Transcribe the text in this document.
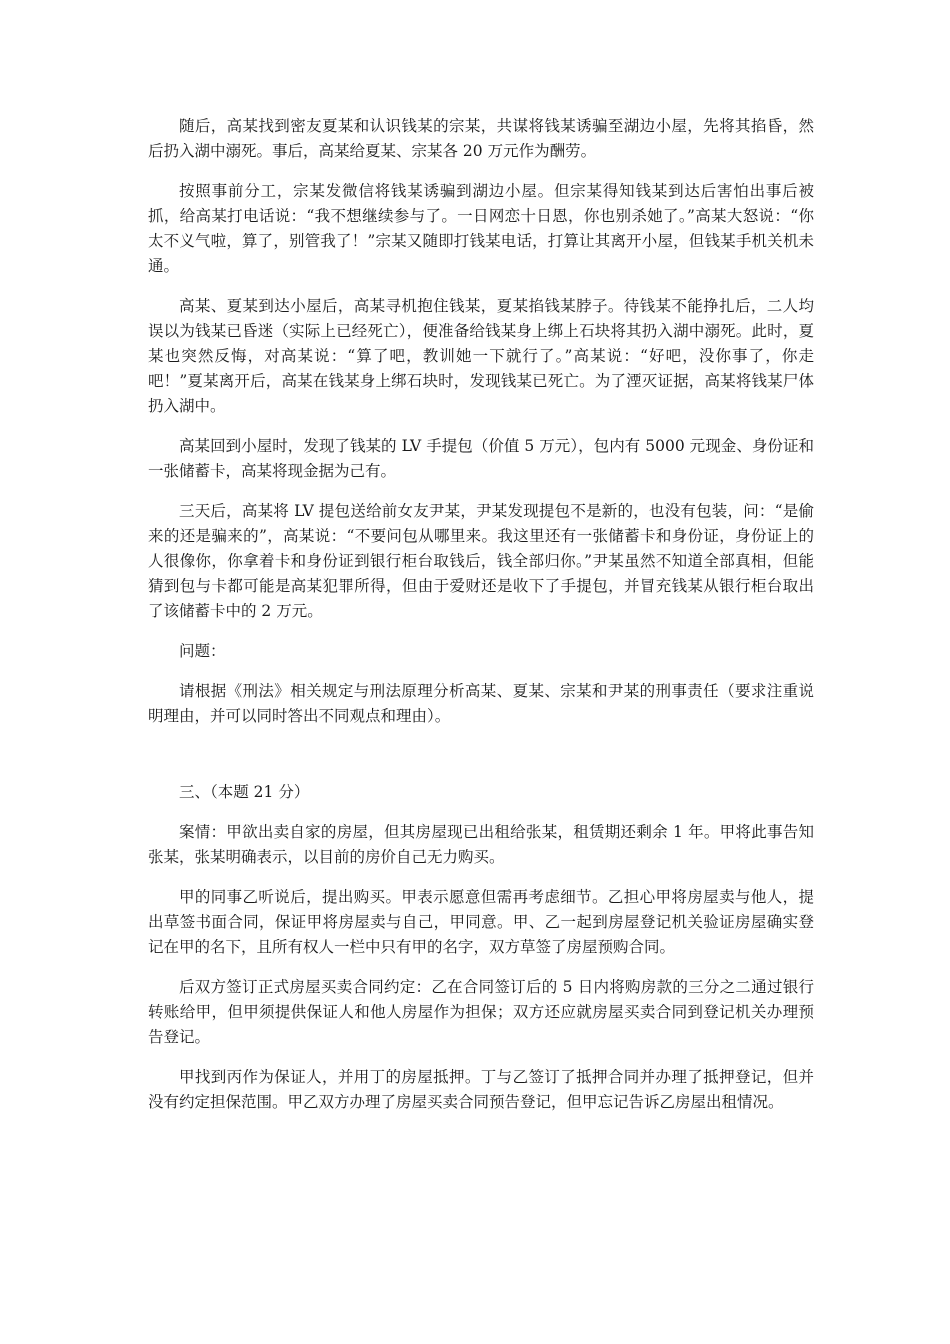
随后，高某找到密友夏某和认识钱某的宗某，共谋将钱某诱骗至湖边小屋，先将其掐昏，然后扔入湖中溺死。事后，高某给夏某、宗某各 20 万元作为酬劳。

按照事前分工，宗某发微信将钱某诱骗到湖边小屋。但宗某得知钱某到达后害怕出事后被抓，给高某打电话说：“我不想继续参与了。一日网恋十日恩，你也别杀她了。”高某大怒说：“你太不义气啦，算了，别管我了！”宗某又随即打钱某电话，打算让其离开小屋，但钱某手机关机未通。

高某、夏某到达小屋后，高某寻机抱住钱某，夏某掐钱某脖子。待钱某不能挣扎后，二人均误以为钱某已昏迷（实际上已经死亡），便准备给钱某身上绑上石块将其扔入湖中溺死。此时，夏某也突然反悔，对高某说：“算了吧，教训她一下就行了。”高某说：“好吧，没你事了，你走吧！”夏某离开后，高某在钱某身上绑石块时，发现钱某已死亡。为了湮灭证据，高某将钱某尸体扔入湖中。

高某回到小屋时，发现了钱某的 LV 手提包（价值 5 万元），包内有 5000 元现金、身份证和一张储蓄卡，高某将现金据为己有。

三天后，高某将 LV 提包送给前女友尹某，尹某发现提包不是新的，也没有包装，问：“是偷来的还是骗来的”，高某说：“不要问包从哪里来。我这里还有一张储蓄卡和身份证，身份证上的人很像你，你拿着卡和身份证到银行柜台取钱后，钱全部归你。”尹某虽然不知道全部真相，但能猜到包与卡都可能是高某犯罪所得，但由于爱财还是收下了手提包，并冒充钱某从银行柜台取出了该储蓄卡中的 2 万元。

问题：

请根据《刑法》相关规定与刑法原理分析高某、夏某、宗某和尹某的刑事责任（要求注重说明理由，并可以同时答出不同观点和理由）。

三、（本题 21 分）

案情：甲欲出卖自家的房屋，但其房屋现已出租给张某，租赁期还剩余 1 年。甲将此事告知张某，张某明确表示，以目前的房价自己无力购买。

甲的同事乙听说后，提出购买。甲表示愿意但需再考虑细节。乙担心甲将房屋卖与他人，提出草签书面合同，保证甲将房屋卖与自己，甲同意。甲、乙一起到房屋登记机关验证房屋确实登记在甲的名下，且所有权人一栏中只有甲的名字，双方草签了房屋预购合同。

后双方签订正式房屋买卖合同约定：乙在合同签订后的 5 日内将购房款的三分之二通过银行转账给甲，但甲须提供保证人和他人房屋作为担保；双方还应就房屋买卖合同到登记机关办理预告登记。

甲找到丙作为保证人，并用丁的房屋抵押。丁与乙签订了抵押合同并办理了抵押登记，但并没有约定担保范围。甲乙双方办理了房屋买卖合同预告登记，但甲忘记告诉乙房屋出租情况。
